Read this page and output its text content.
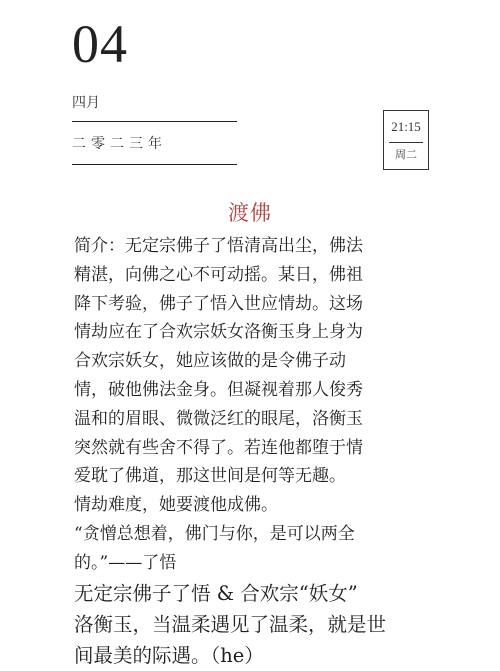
04
四月
二零二三年
21:15
周二
渡佛

简介：无定宗佛子了悟清高出尘，佛法

精湛，向佛之心不可动摇。某日，佛祖

降下考验，佛子了悟入世应情劫。这场

情劫应在了合欢宗妖女洛衡玉身上身为

合欢宗妖女，她应该做的是令佛子动

情，破他佛法金身。但凝视着那人俊秀

温和的眉眼、微微泛红的眼尾，洛衡玉

突然就有些舍不得了。若连他都堕于情

爱耽了佛道，那这世间是何等无趣。

情劫难度，她要渡他成佛。

“贪憎总想着，佛门与你，是可以两全

的。”——了悟

无定宗佛子了悟 & 合欢宗“妖女”

洛衡玉，当温柔遇见了温柔，就是世

间最美的际遇。（he）
